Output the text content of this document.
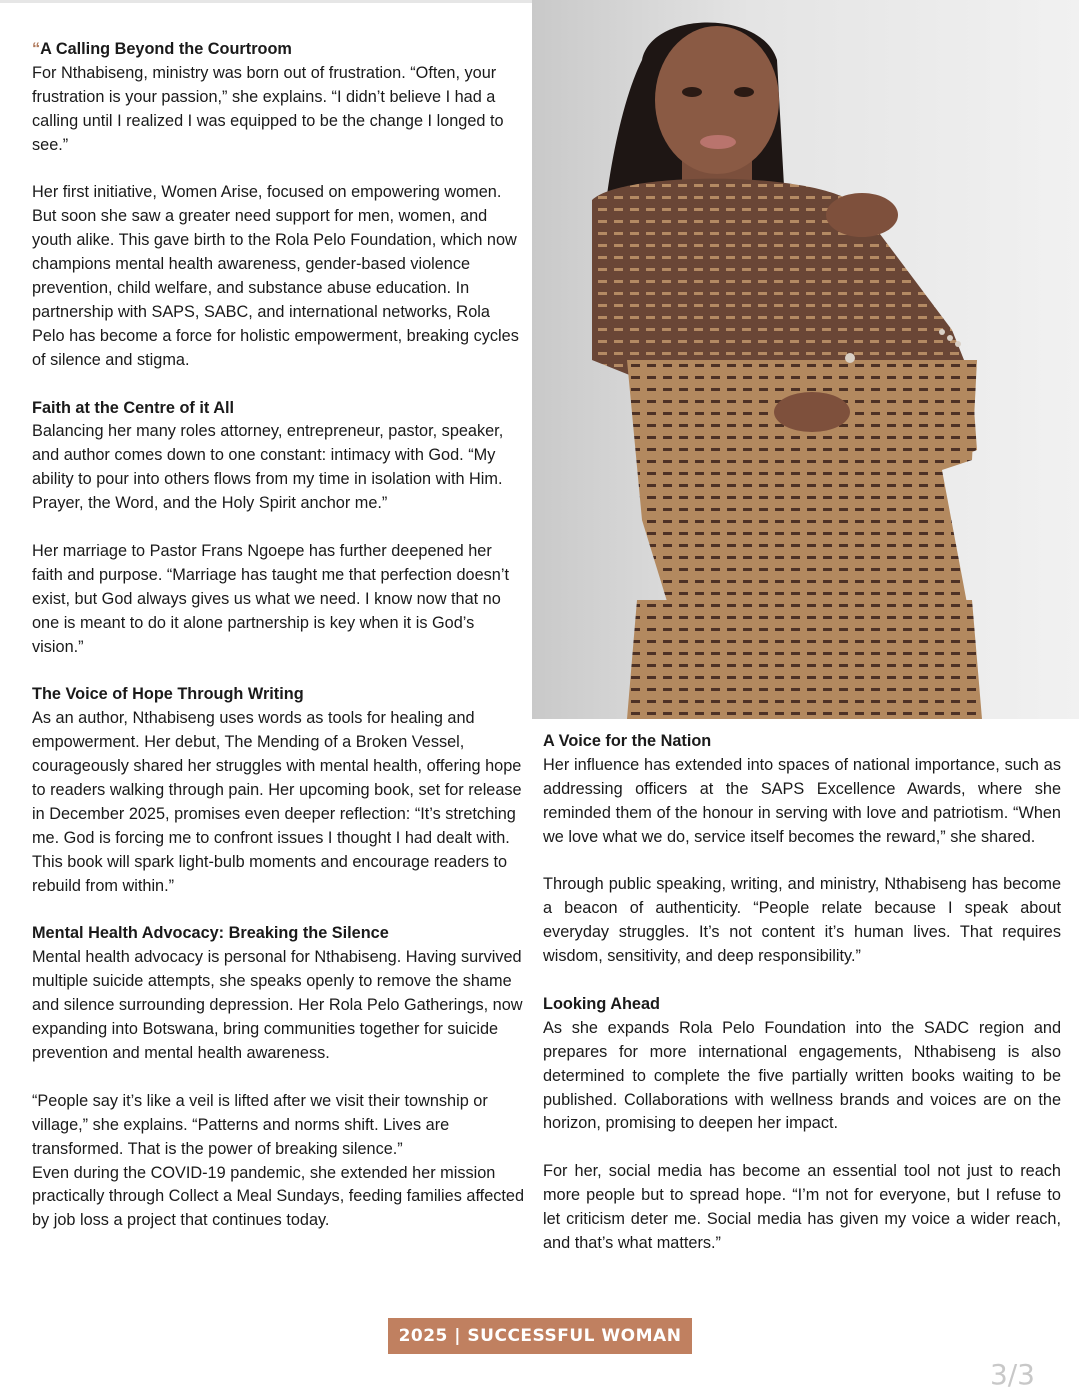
“A Calling Beyond the Courtroom

For Nthabiseng, ministry was born out of frustration. “Often, your frustration is your passion,” she explains. “I didn’t believe I had a calling until I realized I was equipped to be the change I longed to see.”

Her first initiative, Women Arise, focused on empowering women. But soon she saw a greater need support for men, women, and youth alike. This gave birth to the Rola Pelo Foundation, which now champions mental health awareness, gender-based violence prevention, child welfare, and substance abuse education. In partnership with SAPS, SABC, and international networks, Rola Pelo has become a force for holistic empowerment, breaking cycles of silence and stigma.

Faith at the Centre of it All

Balancing her many roles attorney, entrepreneur, pastor, speaker, and author comes down to one constant: intimacy with God. “My ability to pour into others flows from my time in isolation with Him. Prayer, the Word, and the Holy Spirit anchor me.”

Her marriage to Pastor Frans Ngoepe has further deepened her faith and purpose. “Marriage has taught me that perfection doesn’t exist, but God always gives us what we need. I know now that no one is meant to do it alone partnership is key when it is God’s vision.”

The Voice of Hope Through Writing

As an author, Nthabiseng uses words as tools for healing and empowerment. Her debut, The Mending of a Broken Vessel, courageously shared her struggles with mental health, offering hope to readers walking through pain. Her upcoming book, set for release in December 2025, promises even deeper reflection: “It’s stretching me. God is forcing me to confront issues I thought I had dealt with. This book will spark light-bulb moments and encourage readers to rebuild from within.”

Mental Health Advocacy: Breaking the Silence

Mental health advocacy is personal for Nthabiseng. Having survived multiple suicide attempts, she speaks openly to remove the shame and silence surrounding depression. Her Rola Pelo Gatherings, now expanding into Botswana, bring communities together for suicide prevention and mental health awareness.

“People say it’s like a veil is lifted after we visit their township or village,” she explains. “Patterns and norms shift. Lives are transformed. That is the power of breaking silence.”

Even during the COVID-19 pandemic, she extended her mission practically through Collect a Meal Sundays, feeding families affected by job loss a project that continues today.

A Voice for the Nation

Her influence has extended into spaces of national importance, such as addressing officers at the SAPS Excellence Awards, where she reminded them of the honour in serving with love and patriotism. “When we love what we do, service itself becomes the reward,” she shared.

Through public speaking, writing, and ministry, Nthabiseng has become a beacon of authenticity. “People relate because I speak about everyday struggles. It’s not content it’s human lives. That requires wisdom, sensitivity, and deep responsibility.”

Looking Ahead

As she expands Rola Pelo Foundation into the SADC region and prepares for more international engagements, Nthabiseng is also determined to complete the five partially written books waiting to be published. Collaborations with wellness brands and voices are on the horizon, promising to deepen her impact.

For her, social media has become an essential tool not just to reach more people but to spread hope. “I’m not for everyone, but I refuse to let criticism deter me. Social media has given my voice a wider reach, and that’s what matters.”

2025 | SUCCESSFUL WOMAN
3/3
